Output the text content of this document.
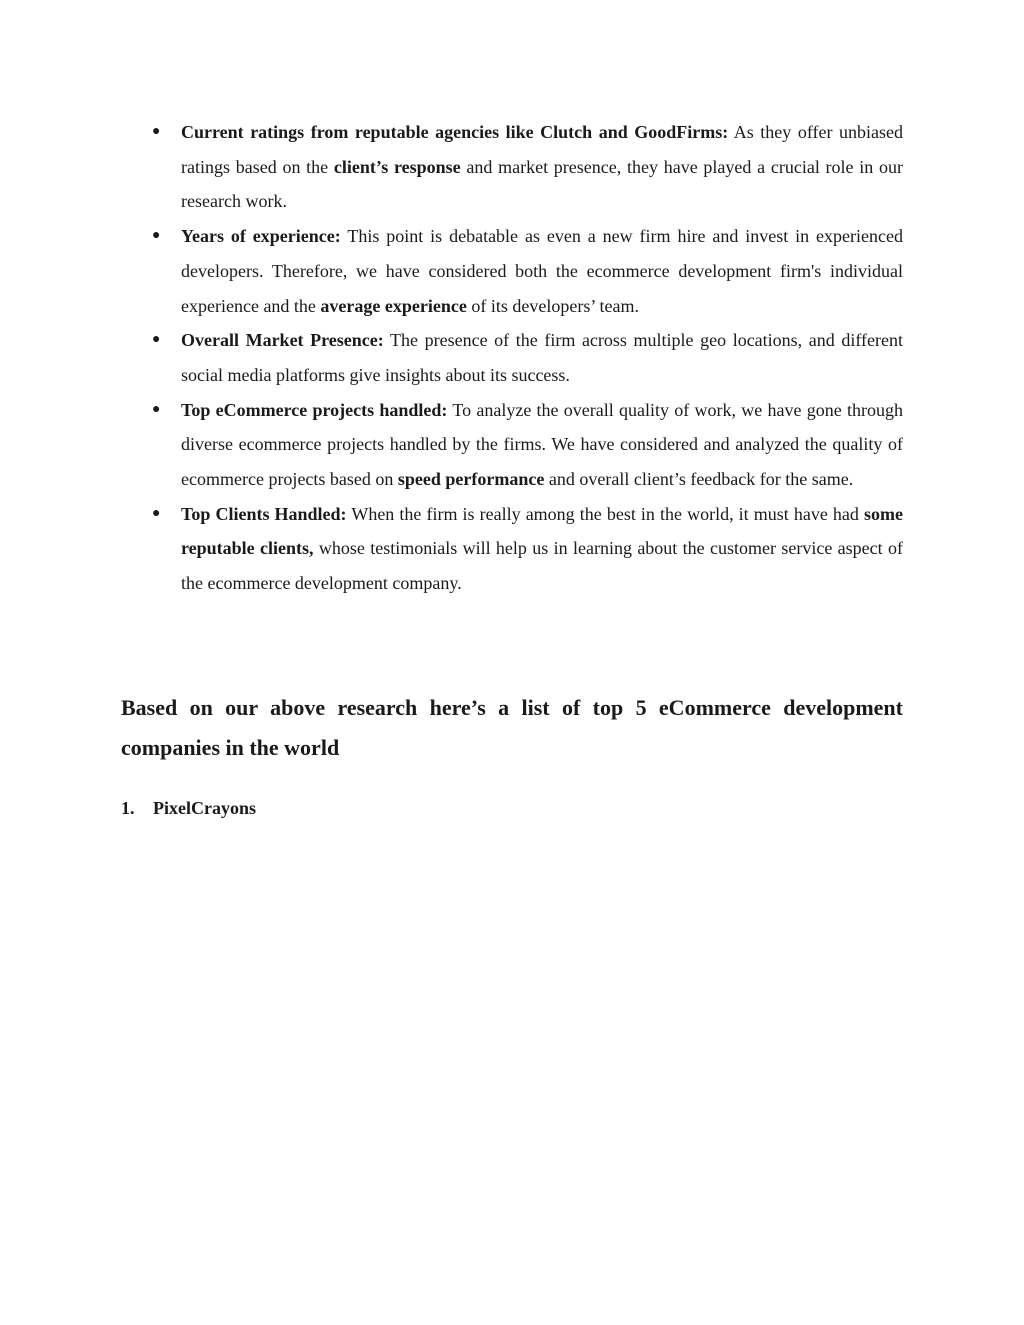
● Current ratings from reputable agencies like Clutch and GoodFirms: As they offer unbiased ratings based on the client’s response and market presence, they have played a crucial role in our research work.
● Years of experience: This point is debatable as even a new firm hire and invest in experienced developers. Therefore, we have considered both the ecommerce development firm's individual experience and the average experience of its developers’ team.
● Overall Market Presence: The presence of the firm across multiple geo locations, and different social media platforms give insights about its success.
● Top eCommerce projects handled: To analyze the overall quality of work, we have gone through diverse ecommerce projects handled by the firms. We have considered and analyzed the quality of ecommerce projects based on speed performance and overall client’s feedback for the same.
● Top Clients Handled: When the firm is really among the best in the world, it must have had some reputable clients, whose testimonials will help us in learning about the customer service aspect of the ecommerce development company.
Based on our above research here’s a list of top 5 eCommerce development companies in the world
1. PixelCrayons
